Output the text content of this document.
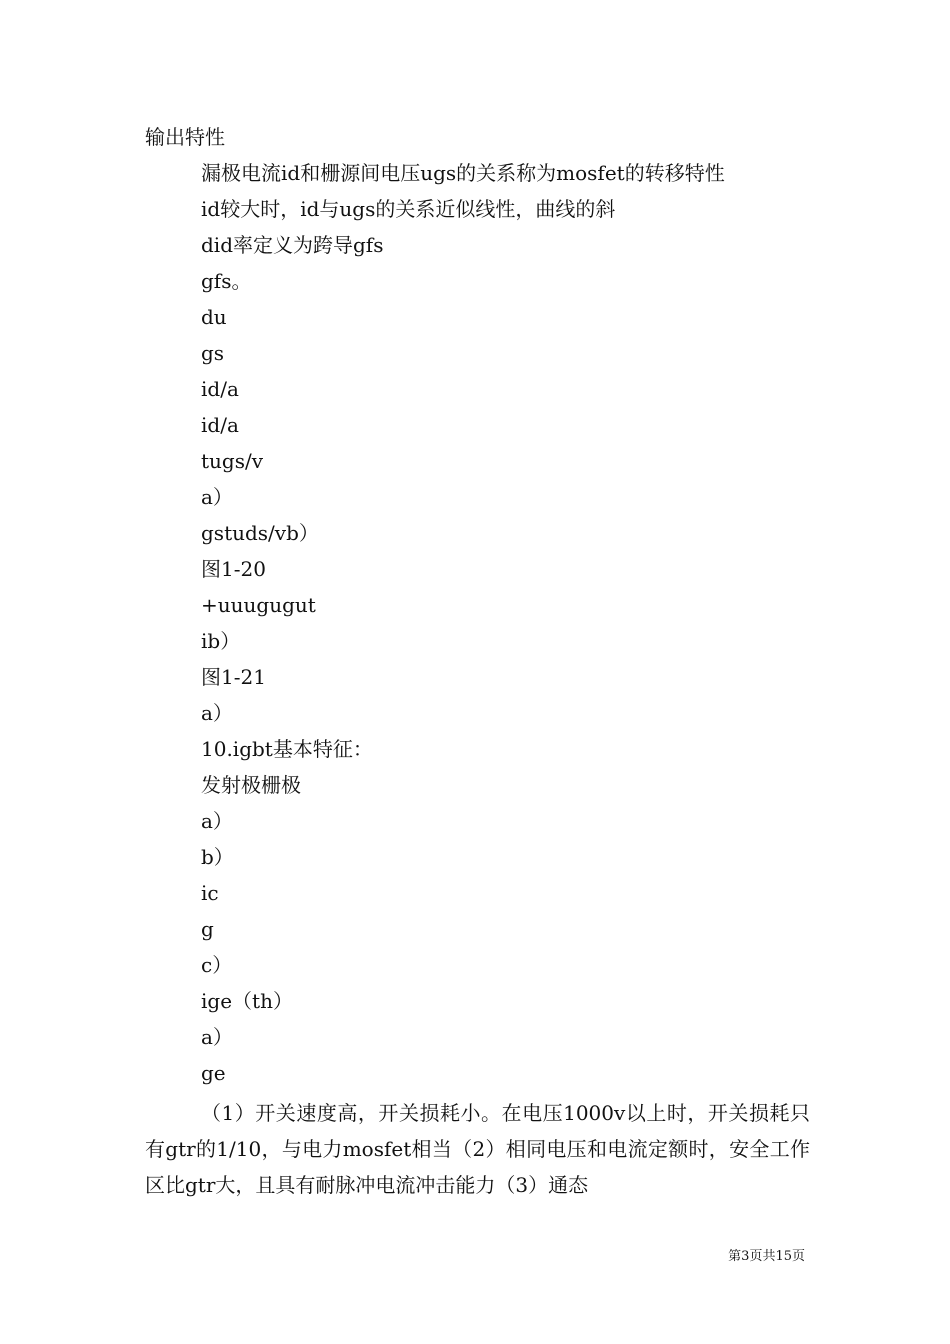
输出特性
漏极电流id和栅源间电压ugs的关系称为mosfet的转移特性
id较大时，id与ugs的关系近似线性，曲线的斜
did率定义为跨导gfs
gfs。
du
gs
id/a
id/a
tugs/v
a）
gstuds/vb）
图1-20
+uuugugut
ib）
图1-21
a）
10.igbt基本特征：
发射极栅极
a）
b）
ic
g
c）
ige（th）
a）
ge
（1）开关速度高，开关损耗小。在电压1000v以上时，开关损耗只有gtr的1/10，与电力mosfet相当（2）相同电压和电流定额时，安全工作区比gtr大，且具有耐脉冲电流冲击能力（3）通态
第3页共15页
